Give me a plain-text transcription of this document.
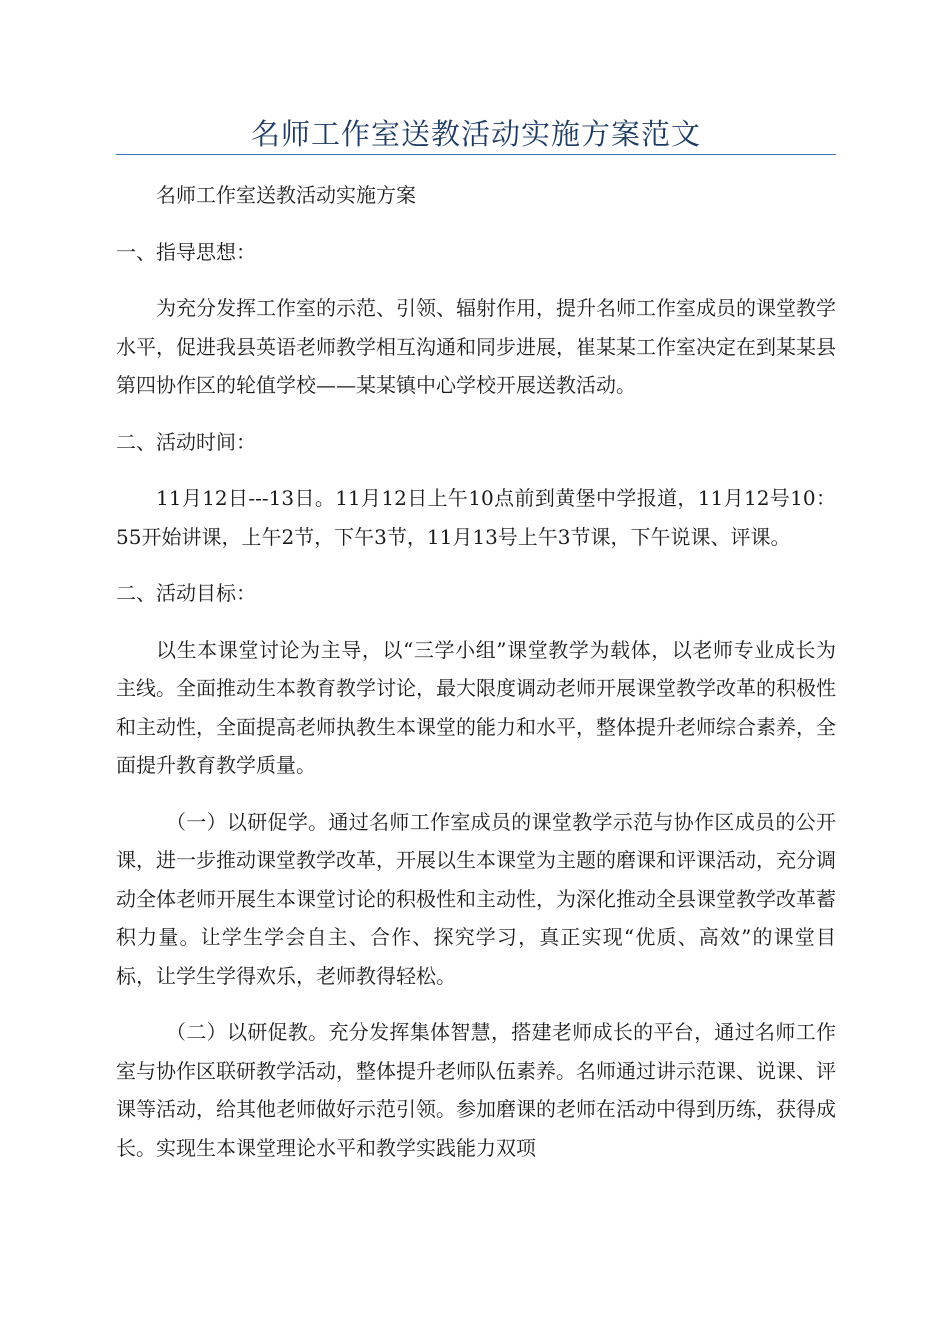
名师工作室送教活动实施方案范文

名师工作室送教活动实施方案

一、指导思想：

为充分发挥工作室的示范、引领、辐射作用，提升名师工作室成员的课堂教学水平，促进我县英语老师教学相互沟通和同步进展，崔某某工作室决定在到某某县第四协作区的轮值学校——某某镇中心学校开展送教活动。

二、活动时间：

11月12日---13日。11月12日上午10点前到黄堡中学报道，11月12号10：55开始讲课，上午2节，下午3节，11月13号上午3节课，下午说课、评课。

二、活动目标：

以生本课堂讨论为主导，以“三学小组”课堂教学为载体，以老师专业成长为主线。全面推动生本教育教学讨论，最大限度调动老师开展课堂教学改革的积极性和主动性，全面提高老师执教生本课堂的能力和水平，整体提升老师综合素养，全面提升教育教学质量。

（一）以研促学。通过名师工作室成员的课堂教学示范与协作区成员的公开课，进一步推动课堂教学改革，开展以生本课堂为主题的磨课和评课活动，充分调动全体老师开展生本课堂讨论的积极性和主动性，为深化推动全县课堂教学改革蓄积力量。让学生学会自主、合作、探究学习，真正实现“优质、高效”的课堂目标，让学生学得欢乐，老师教得轻松。

（二）以研促教。充分发挥集体智慧，搭建老师成长的平台，通过名师工作室与协作区联研教学活动，整体提升老师队伍素养。名师通过讲示范课、说课、评课等活动，给其他老师做好示范引领。参加磨课的老师在活动中得到历练，获得成长。实现生本课堂理论水平和教学实践能力双项
